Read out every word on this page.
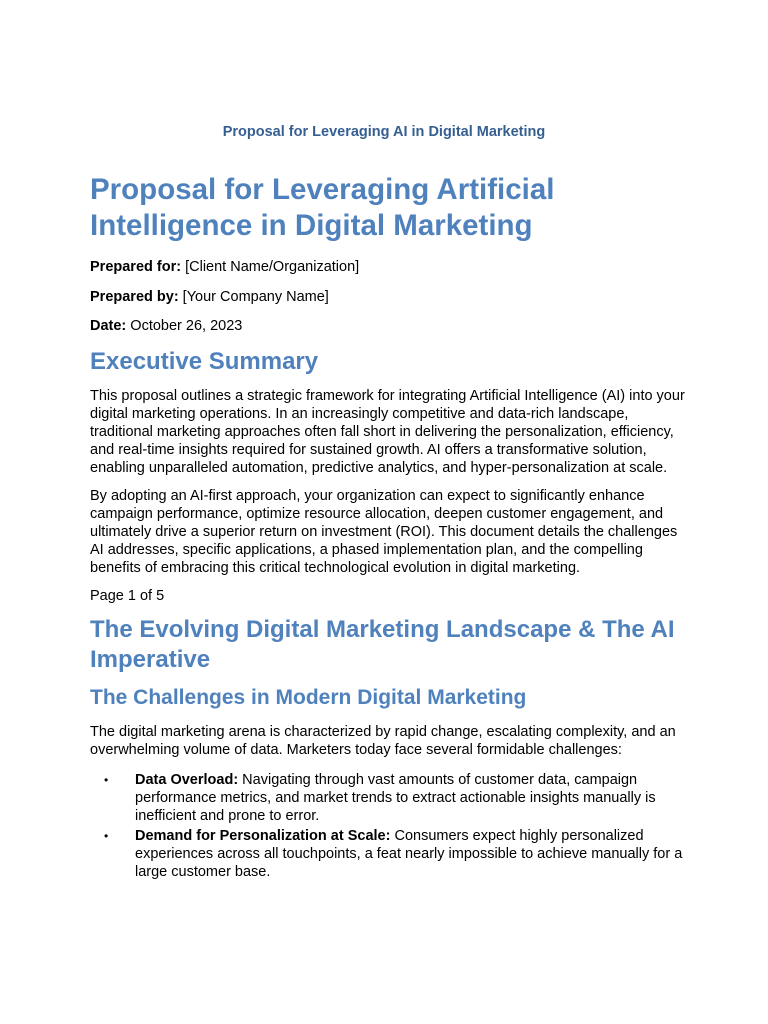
Proposal for Leveraging AI in Digital Marketing
Proposal for Leveraging Artificial Intelligence in Digital Marketing
Prepared for: [Client Name/Organization]
Prepared by: [Your Company Name]
Date: October 26, 2023
Executive Summary

This proposal outlines a strategic framework for integrating Artificial Intelligence (AI) into your digital marketing operations. In an increasingly competitive and data-rich landscape, traditional marketing approaches often fall short in delivering the personalization, efficiency, and real-time insights required for sustained growth. AI offers a transformative solution, enabling unparalleled automation, predictive analytics, and hyper-personalization at scale.

By adopting an AI-first approach, your organization can expect to significantly enhance campaign performance, optimize resource allocation, deepen customer engagement, and ultimately drive a superior return on investment (ROI). This document details the challenges AI addresses, specific applications, a phased implementation plan, and the compelling benefits of embracing this critical technological evolution in digital marketing.

Page 1 of 5
The Evolving Digital Marketing Landscape & The AI Imperative
The Challenges in Modern Digital Marketing

The digital marketing arena is characterized by rapid change, escalating complexity, and an overwhelming volume of data. Marketers today face several formidable challenges:

• Data Overload: Navigating through vast amounts of customer data, campaign performance metrics, and market trends to extract actionable insights manually is inefficient and prone to error.
• Demand for Personalization at Scale: Consumers expect highly personalized experiences across all touchpoints, a feat nearly impossible to achieve manually for a large customer base.
